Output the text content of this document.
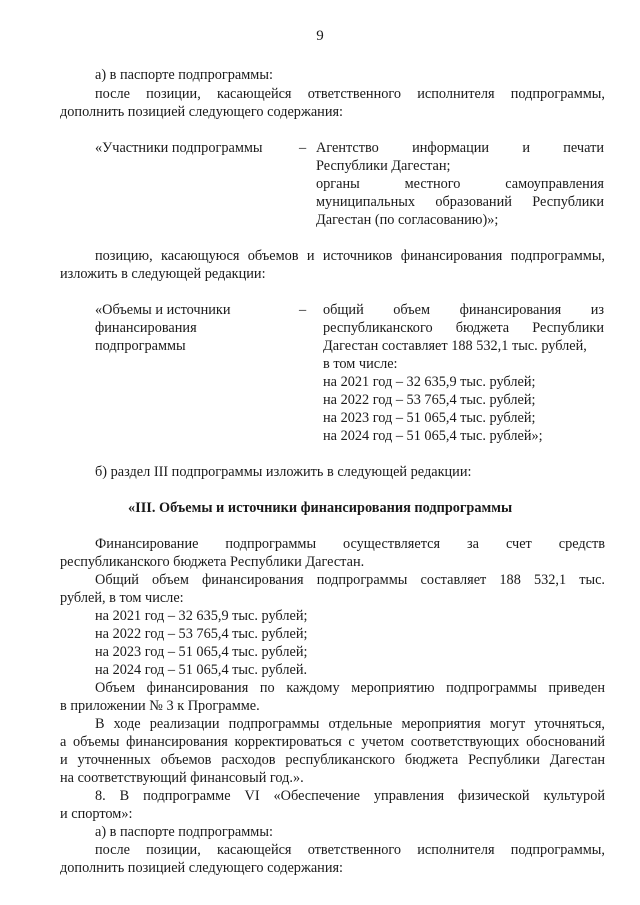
9
а) в паспорте подпрограммы:
после позиции, касающейся ответственного исполнителя подпрограммы,
дополнить позицией следующего содержания:
«Участники подпрограммы	– Агентство информации и печати
Республики Дагестан;
органы местного самоуправления
муниципальных образований Республики
Дагестан (по согласованию)»;
позицию, касающуюся объемов и источников финансирования подпрограммы,
изложить в следующей редакции:
«Объемы и источники
финансирования
подпрограммы
– общий объем финансирования из
республиканского бюджета Республики
Дагестан составляет 188 532,1 тыс. рублей,
в том числе:
на 2021 год – 32 635,9 тыс. рублей;
на 2022 год – 53 765,4 тыс. рублей;
на 2023 год – 51 065,4 тыс. рублей;
на 2024 год – 51 065,4 тыс. рублей»;
б) раздел III подпрограммы изложить в следующей редакции:
«III. Объемы и источники финансирования подпрограммы
Финансирование подпрограммы осуществляется за счет средств
республиканского бюджета Республики Дагестан.
Общий объем финансирования подпрограммы составляет 188 532,1 тыс.
рублей, в том числе:
на 2021 год – 32 635,9 тыс. рублей;
на 2022 год – 53 765,4 тыс. рублей;
на 2023 год – 51 065,4 тыс. рублей;
на 2024 год – 51 065,4 тыс. рублей.
Объем финансирования по каждому мероприятию подпрограммы приведен
в приложении № 3 к Программе.
В ходе реализации подпрограммы отдельные мероприятия могут уточняться,
а объемы финансирования корректироваться с учетом соответствующих обоснований
и уточненных объемов расходов республиканского бюджета Республики Дагестан
на соответствующий финансовый год.».
8. В подпрограмме VI «Обеспечение управления физической культурой
и спортом»:
а) в паспорте подпрограммы:
после позиции, касающейся ответственного исполнителя подпрограммы,
дополнить позицией следующего содержания:
